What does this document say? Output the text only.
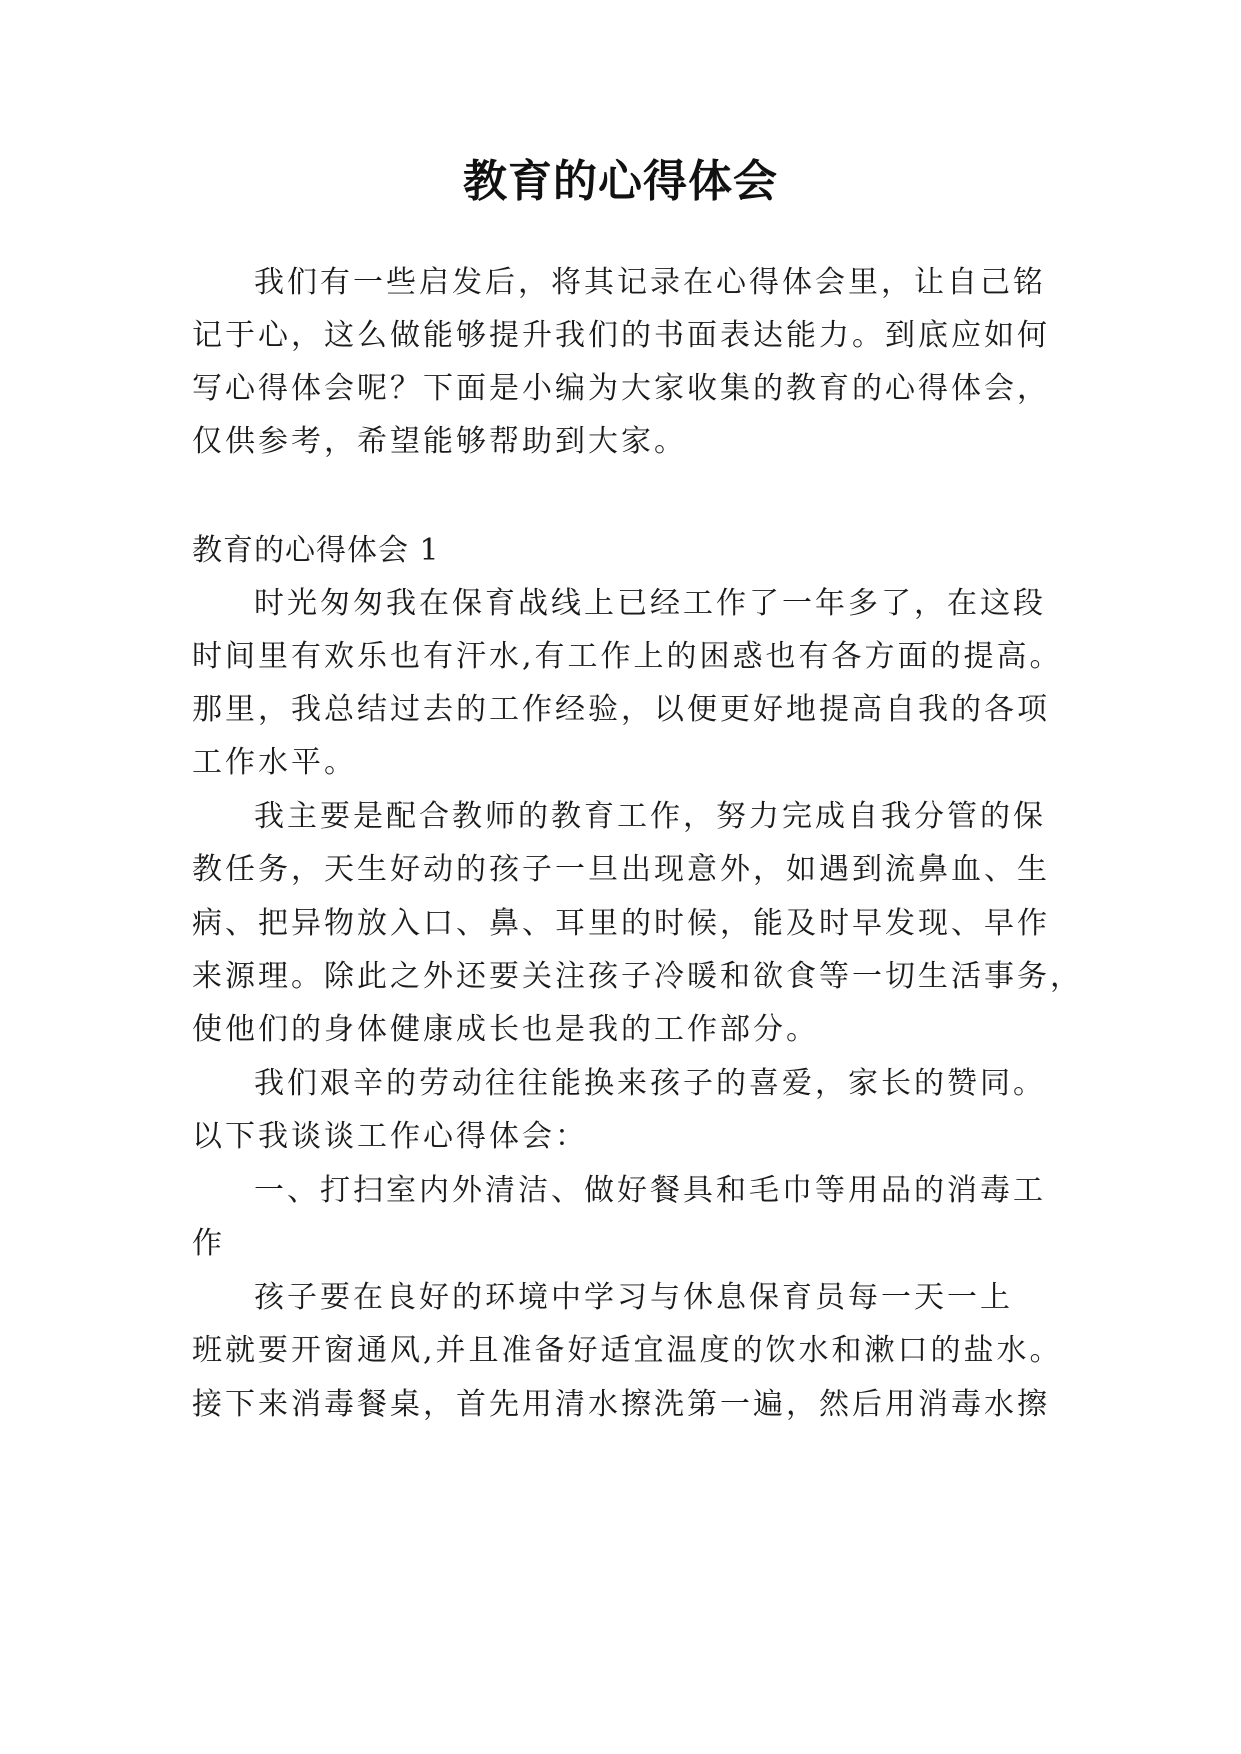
教育的心得体会
我们有一些启发后，将其记录在心得体会里，让自己铭
记于心，这么做能够提升我们的书面表达能力。到底应如何
写心得体会呢？下面是小编为大家收集的教育的心得体会，
仅供参考，希望能够帮助到大家。
教育的心得体会 1
时光匆匆我在保育战线上已经工作了一年多了，在这段
时间里有欢乐也有汗水,有工作上的困惑也有各方面的提高。
那里，我总结过去的工作经验，以便更好地提高自我的各项
工作水平。
我主要是配合教师的教育工作，努力完成自我分管的保
教任务，天生好动的孩子一旦出现意外，如遇到流鼻血、生
病、把异物放入口、鼻、耳里的时候，能及时早发现、早作
来源理。除此之外还要关注孩子冷暖和欲食等一切生活事务，
使他们的身体健康成长也是我的工作部分。
我们艰辛的劳动往往能换来孩子的喜爱，家长的赞同。
以下我谈谈工作心得体会：
一、打扫室内外清洁、做好餐具和毛巾等用品的消毒工
作
孩子要在良好的环境中学习与休息保育员每一天一上
班就要开窗通风,并且准备好适宜温度的饮水和漱口的盐水。
接下来消毒餐桌，首先用清水擦洗第一遍，然后用消毒水擦
